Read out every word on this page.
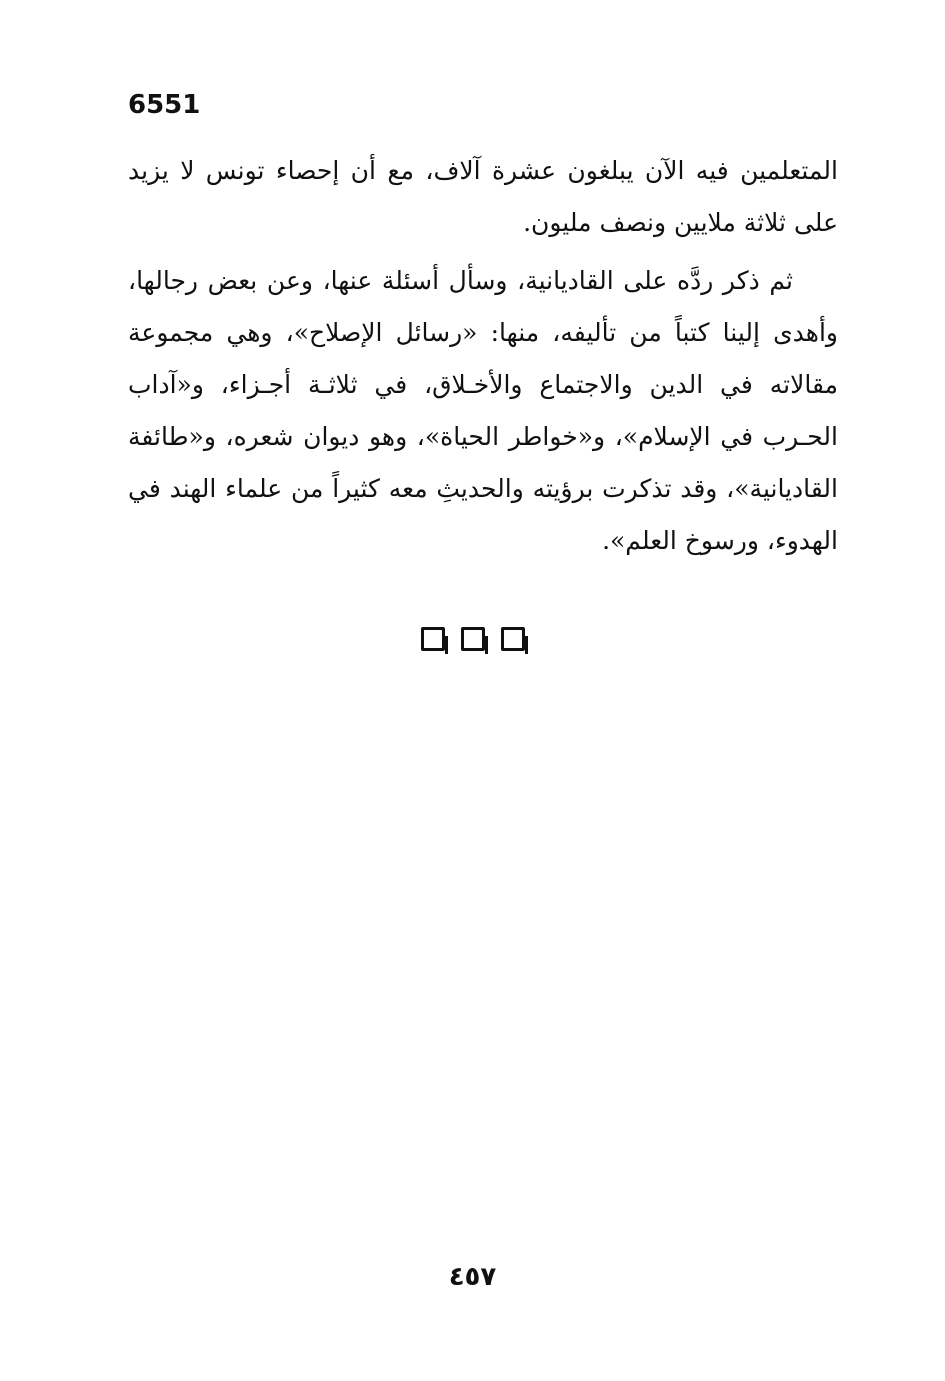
6551

المتعلمين فيه الآن يبلغون عشرة آلاف، مع أن إحصاء تونس لا يزيد على ثلاثة ملايين ونصف مليون.

ثم ذكر ردَّه على القاديانية، وسأل أسئلة عنها، وعن بعض رجالها، وأهدى إلينا كتباً من تأليفه، منها: «رسائل الإصلاح»، وهي مجموعة مقالاته في الدين والاجتماع والأخـلاق، في ثلاثـة أجـزاء، و«آداب الحـرب في الإسلام»، و«خواطر الحياة»، وهو ديوان شعره، و«طائفة القاديانية»، وقد تذكرت برؤيته والحديثِ معه كثيراً من علماء الهند في الهدوء، ورسوخ العلم».

٤٥٧
